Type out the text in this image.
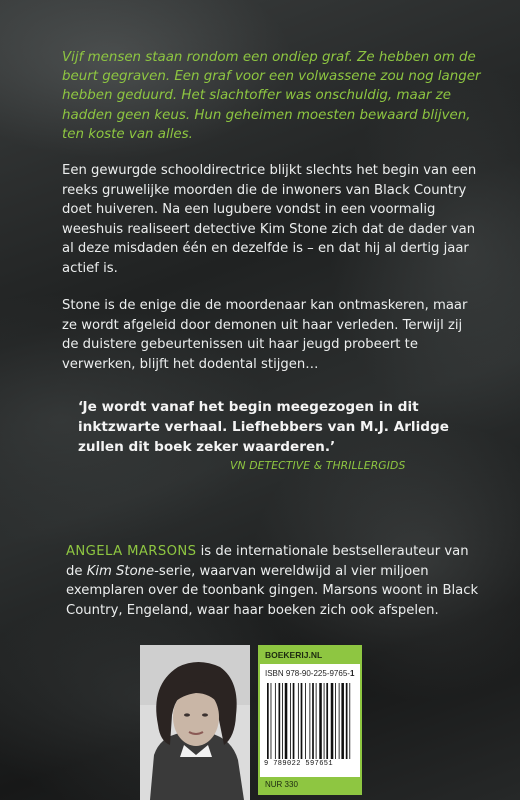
Vijf mensen staan rondom een ondiep graf. Ze hebben om de beurt gegraven. Een graf voor een volwassene zou nog langer hebben geduurd. Het slachtoffer was onschuldig, maar ze hadden geen keus. Hun geheimen moesten bewaard blijven, ten koste van alles.

Een gewurgde schooldirectrice blijkt slechts het begin van een reeks gruwelijke moorden die de inwoners van Black Country doet huiveren. Na een lugubere vondst in een voormalig weeshuis realiseert detective Kim Stone zich dat de dader van al deze misdaden één en dezelfde is – en dat hij al dertig jaar actief is.

Stone is de enige die de moordenaar kan ontmaskeren, maar ze wordt afgeleid door demonen uit haar verleden. Terwijl zij de duistere gebeurtenissen uit haar jeugd probeert te verwerken, blijft het dodental stijgen…

‘Je wordt vanaf het begin meegezogen in dit inktzwarte verhaal. Liefhebbers van M.J. Arlidge zullen dit boek zeker waarderen.’

VN DETECTIVE & THRILLERGIDS

ANGELA MARSONS is de internationale bestsellerauteur van de Kim Stone-serie, waarvan wereldwijd al vier miljoen exemplaren over de toonbank gingen. Marsons woont in Black Country, Engeland, waar haar boeken zich ook afspelen.

BOEKERIJ.NL
ISBN 978-90-225-9765-1
9 789022 597651
NUR 330
